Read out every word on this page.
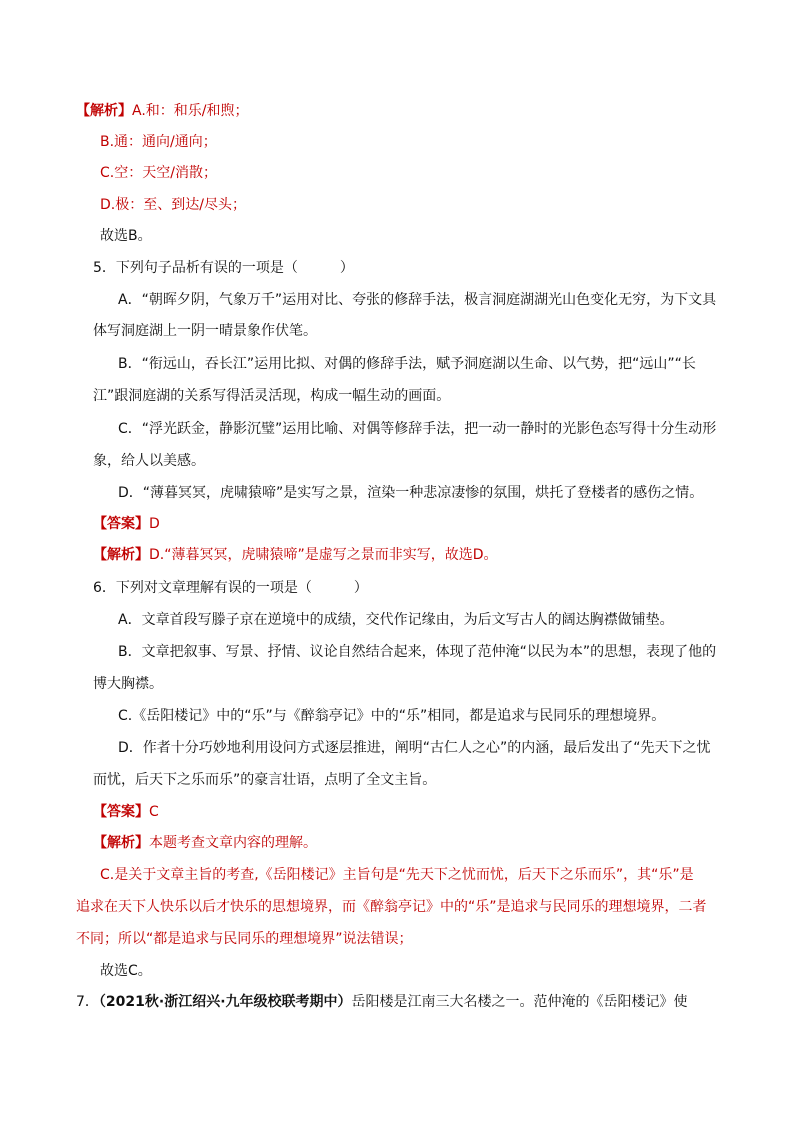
【解析】A.和：和乐/和煦；
B.通：通向/通向；
C.空：天空/消散；
D.极：至、到达/尽头；
故选B。
5．下列句子品析有误的一项是（　　　）
A．“朝晖夕阴，气象万千”运用对比、夸张的修辞手法，极言洞庭湖湖光山色变化无穷，为下文具
体写洞庭湖上一阴一晴景象作伏笔。
B．“衔远山，吞长江”运用比拟、对偶的修辞手法，赋予洞庭湖以生命、以气势，把“远山”“长
江”跟洞庭湖的关系写得活灵活现，构成一幅生动的画面。
C．“浮光跃金，静影沉璧”运用比喻、对偶等修辞手法，把一动一静时的光影色态写得十分生动形
象，给人以美感。
D．“薄暮冥冥，虎啸猿啼”是实写之景，渲染一种悲凉凄惨的氛围，烘托了登楼者的感伤之情。
【答案】D
【解析】D.“薄暮冥冥，虎啸猿啼”是虚写之景而非实写，故选D。
6．下列对文章理解有误的一项是（　　　）
A．文章首段写滕子京在逆境中的成绩，交代作记缘由，为后文写古人的阔达胸襟做铺垫。
B．文章把叙事、写景、抒情、议论自然结合起来，体现了范仲淹“以民为本”的思想，表现了他的
博大胸襟。
C.《岳阳楼记》中的“乐”与《醉翁亭记》中的“乐”相同，都是追求与民同乐的理想境界。
D．作者十分巧妙地利用设问方式逐层推进，阐明“古仁人之心”的内涵，最后发出了“先天下之忧
而忧，后天下之乐而乐”的豪言壮语，点明了全文主旨。
【答案】C
【解析】本题考查文章内容的理解。
C.是关于文章主旨的考查,《岳阳楼记》主旨句是“先天下之忧而忧，后天下之乐而乐”，其“乐”是
追求在天下人快乐以后才快乐的思想境界，而《醉翁亭记》中的“乐”是追求与民同乐的理想境界，二者
不同；所以“都是追求与民同乐的理想境界”说法错误；
故选C。
7．（2021秋·浙江绍兴·九年级校联考期中）岳阳楼是江南三大名楼之一。范仲淹的《岳阳楼记》使
